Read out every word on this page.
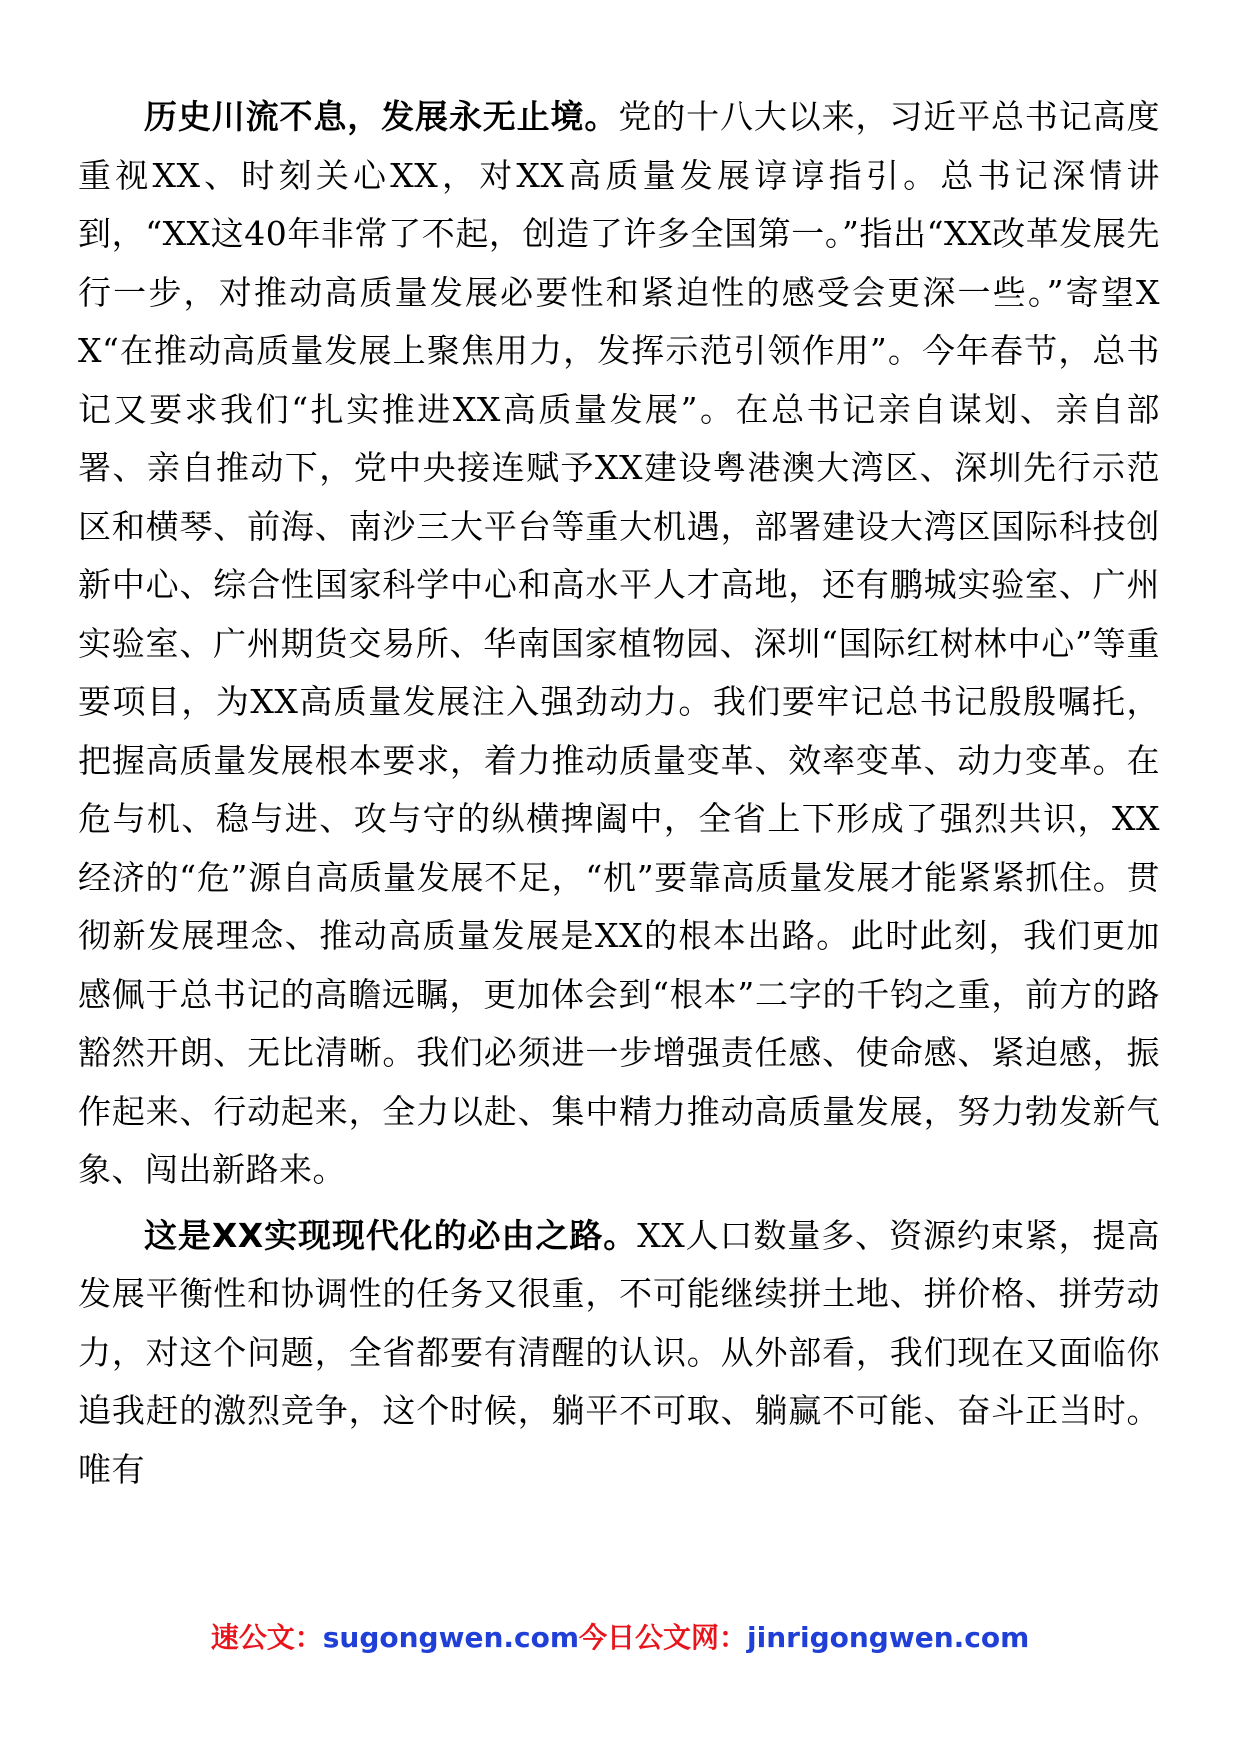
历史川流不息，发展永无止境。党的十八大以来，习近平总书记高度重视XX、时刻关心XX，对XX高质量发展谆谆指引。总书记深情讲到，“XX这40年非常了不起，创造了许多全国第一。”指出“XX改革发展先行一步，对推动高质量发展必要性和紧迫性的感受会更深一些。”寄望XX“在推动高质量发展上聚焦用力，发挥示范引领作用”。今年春节，总书记又要求我们“扎实推进XX高质量发展”。在总书记亲自谋划、亲自部署、亲自推动下，党中央接连赋予XX建设粤港澳大湾区、深圳先行示范区和横琴、前海、南沙三大平台等重大机遇，部署建设大湾区国际科技创新中心、综合性国家科学中心和高水平人才高地，还有鹏城实验室、广州实验室、广州期货交易所、华南国家植物园、深圳“国际红树林中心”等重要项目，为XX高质量发展注入强劲动力。我们要牢记总书记殷殷嘱托，把握高质量发展根本要求，着力推动质量变革、效率变革、动力变革。在危与机、稳与进、攻与守的纵横捭阖中，全省上下形成了强烈共识，XX经济的“危”源自高质量发展不足，“机”要靠高质量发展才能紧紧抓住。贯彻新发展理念、推动高质量发展是XX的根本出路。此时此刻，我们更加感佩于总书记的高瞻远瞩，更加体会到“根本”二字的千钧之重，前方的路豁然开朗、无比清晰。我们必须进一步增强责任感、使命感、紧迫感，振作起来、行动起来，全力以赴、集中精力推动高质量发展，努力勃发新气象、闯出新路来。

这是XX实现现代化的必由之路。XX人口数量多、资源约束紧，提高发展平衡性和协调性的任务又很重，不可能继续拼土地、拼价格、拼劳动力，对这个问题，全省都要有清醒的认识。从外部看，我们现在又面临你追我赶的激烈竞争，这个时候，躺平不可取、躺赢不可能、奋斗正当时。唯有

速公文：sugongwen.com今日公文网：jinrigongwen.com
